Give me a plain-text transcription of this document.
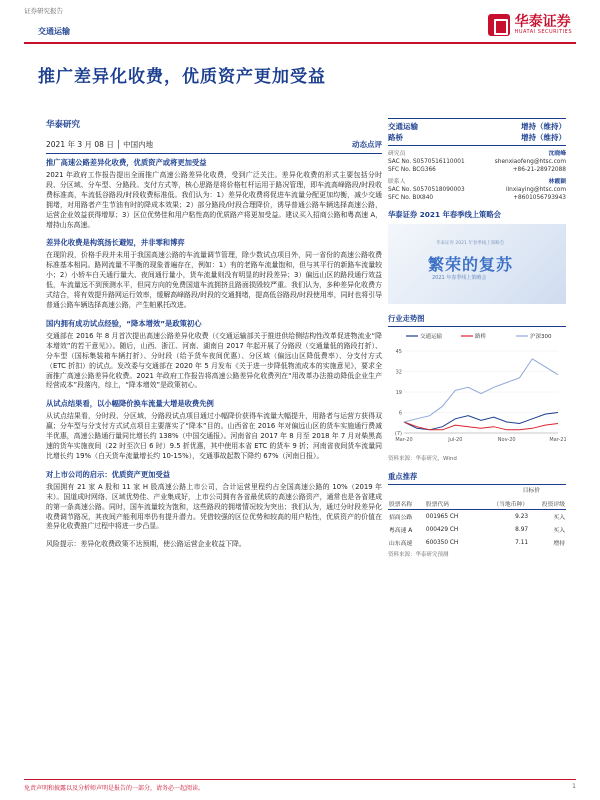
证券研究报告
交通运输
华泰证券
HUATAI SECURITIES
推广差异化收费，优质资产更加受益
华泰研究
2021 年 3 月 08 日 │ 中国内地	动态点评
推广高速公路差异化收费，优质资产或将更加受益
2021 年政府工作报告提出全面推广高速公路差异化收费，受到广泛关注。差异化收费的形式主要包括分时段、分区域、分车型、分路段。支付方式等，核心思路是将价格杠杆运用于路况管理，即车流高峰路段/时段收费标准高，车流低谷路段/时段收费标准低。我们认为：1）差异化收费将促进车流量分配更加均衡，减少交通拥堵，对用路者产生节油有时的降成本效果；2）部分路段/时段合理降价，诱导普通公路车辆选择高速公路，运营企业效益获得增厚；3）区位优势佳和用户粘性高的优质路产将更加受益。建议买入招商公路和粤高速 A，增持山东高速。
差异化收费是构筑扬长避短，并非零和博弈
在现阶段，价格手段并未用于我国高速公路的车流量调节管理，除少数试点项目外，同一省份的高速公路收费标准基本相同。路网流量不平衡的现象普遍存在，例如：1）有的老路车流量饱和，但与其平行的新路车流量较小；2）小轿车白天通行量大、夜间通行量小，货车流量则没有明显的时段差异；3）偏远山区的路段通行效益低，车流量远不到预测水平，但同方向的免费国道车流拥挤且路面损毁较严重。我们认为，多种差异化收费方式结合，将有效提升路网运行效率，缓解高峰路段/时段的交通拥堵，提高低谷路段/时段使用率，同时也将引导普通公路车辆选择高速公路，产生帕累托改进。
国内拥有成功试点经验，“降本增效”是政策初心
交通部在 2016 年 8 月首次提出高速公路差异化收费（《交通运输部关于推进供给侧结构性改革促进物流业“降本增效”的若干意见》）。随后，山西、浙江、河南、湖南自 2017 年起开展了分路段（交通量低的路段打折）、分车型（国标集装箱车辆打折）、分时段（给予货车夜间优惠）、分区域（偏远山区降低费率）、分支付方式（ETC 折扣）的试点。发改委与交通部在 2020 年 5 月发布《关于进一步降低物流成本的实施意见》，要求全面推广高速公路差异化收费。2021 年政府工作报告将高速公路差异化收费列在“用改革办法推动降低企业生产经营成本”段落内，综上，“降本增效”是政策初心。
从试点结果看，以小幅降价换车流量大增是收费先例
从试点结果看，分时段、分区域、分路段试点项目通过小幅降价获得车流量大幅提升，用路者与运营方获得双赢；分车型与分支付方式试点项目主要落实了“降本”目的。山西省在 2016 年对偏远山区的货车实施通行费减半优惠，高速公路通行量同比增长约 138%（中国交通报）。河南省自 2017 年 8 月至 2018 年 7 月对柴黑高速的货车实施夜间（22 时至次日 6 时）9.5 折优惠，其中使用本省 ETC 的货车 9 折；河南省夜间货车流量同比增长约 19%（白天货车流量增长约 10-15%），交通事故起数下降约 67%（河南日报）。
对上市公司的启示：优质资产更加受益
我国拥有 21 家 A 股和 11 家 H 股高速公路上市公司，合计运营里程约占全国高速公路的 10%（2019 年末）。国道成时网络、区域优势佳、产业集成好，上市公司拥有各省最优质的高速公路资产，通常也是各省建成的第一条高速公路。同时，国车流量较为饱和，这些路段的拥堵情况较为突出；我们认为，通过分时段差异化收费调节路况，其夜间产能利用率仍有提升潜力。凭借较强的区位优势和较高的用户粘性，优质资产的价值在差异化收费推广过程中将进一步凸显。
风险提示：差异化收费政策不达预期，使公路运营企业收益下降。
交通运输	增持（维持）
路桥	增持（维持）
研究员	沈晓峰
SAC No. S0570516110001	shenxiaofeng@htsc.com
SFC No. BCG366	+86-21-28972088
联系人	林霞颖
SAC No. S0570518090003	linxiaying@htsc.com
SFC No. BIX840	+8601056793943
华泰证券 2021 年春季线上策略会
华泰证券 2021 年春季线上策略会
繁荣的复苏
2021 年春季线上策略会
行业走势图
交通运输	路桥	沪深300
(7)
6
19
32
45
Mar-20	Jul-20	Nov-20	Mar-21
资料来源：华泰研究，Wind
重点推荐
目标价
股票名称	股票代码	（当地币种）	投资评级
招商公路	001965 CH	9.23	买入
粤高速 A	000429 CH	8.97	买入
山东高速	600350 CH	7.11	增持
资料来源：华泰研究预测
免责声明和披露以及分析师声明是报告的一部分，请务必一起阅读。	1
